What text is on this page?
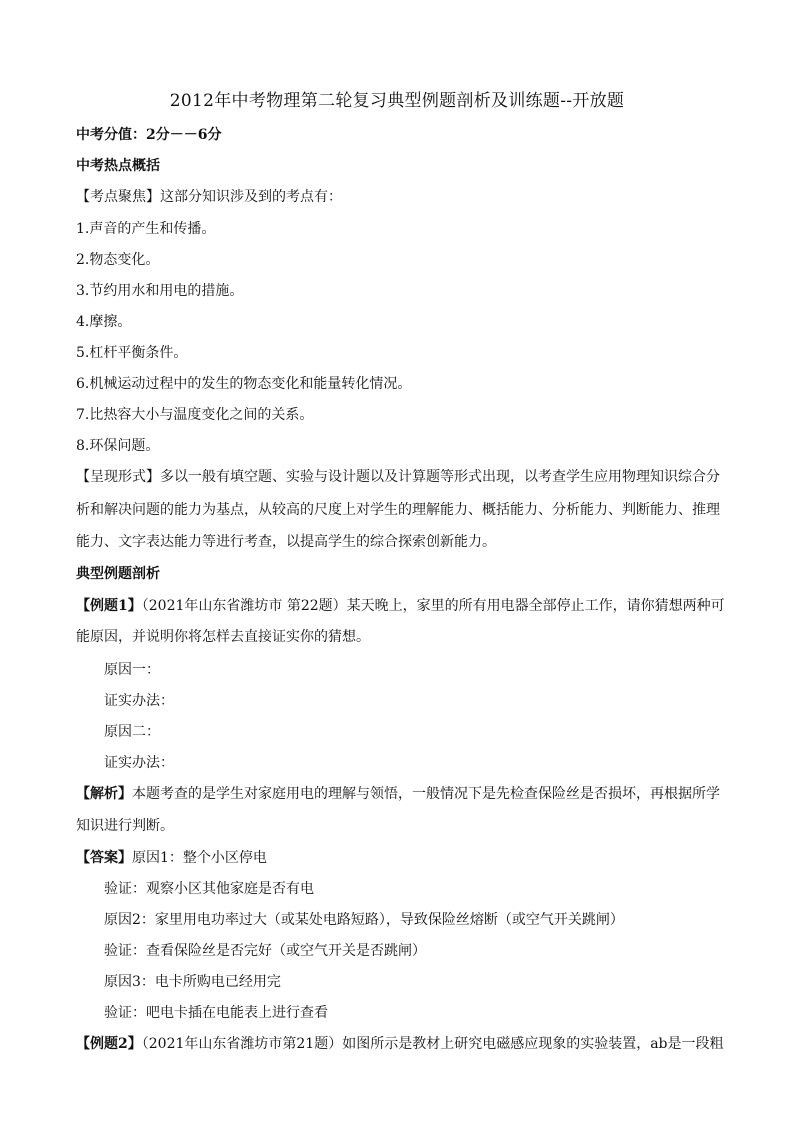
2012年中考物理第二轮复习典型例题剖析及训练题--开放题
中考分值：2分－－6分
中考热点概括
【考点聚焦】这部分知识涉及到的考点有：
1.声音的产生和传播。
2.物态变化。
3.节约用水和用电的措施。
4.摩擦。
5.杠杆平衡条件。
6.机械运动过程中的发生的物态变化和能量转化情况。
7.比热容大小与温度变化之间的关系。
8.环保问题。
【呈现形式】多以一般有填空题、实验与设计题以及计算题等形式出现，以考查学生应用物理知识综合分
析和解决问题的能力为基点，从较高的尺度上对学生的理解能力、概括能力、分析能力、判断能力、推理
能力、文字表达能力等进行考查，以提高学生的综合探索创新能力。
典型例题剖析
【例题1】（2021年山东省潍坊市 第22题）某天晚上，家里的所有用电器全部停止工作，请你猜想两种可
能原因，并说明你将怎样去直接证实你的猜想。
原因一：
证实办法：
原因二：
证实办法：
【解析】本题考查的是学生对家庭用电的理解与领悟，一般情况下是先检查保险丝是否损坏，再根据所学
知识进行判断。
【答案】原因1：整个小区停电
验证：观察小区其他家庭是否有电
原因2：家里用电功率过大（或某处电路短路），导致保险丝熔断（或空气开关跳闸）
验证：查看保险丝是否完好（或空气开关是否跳闸）
原因3：电卡所购电已经用完
验证：吧电卡插在电能表上进行查看
【例题2】（2021年山东省潍坊市第21题）如图所示是教材上研究电磁感应现象的实验装置，ab是一段粗
